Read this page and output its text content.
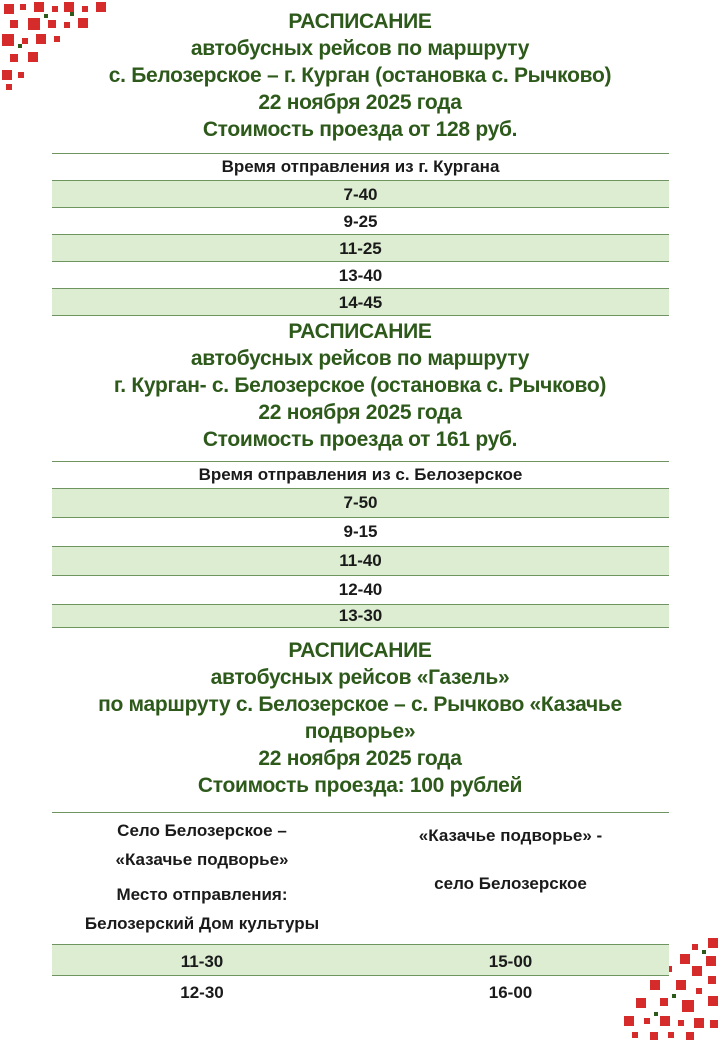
РАСПИСАНИЕ
автобусных рейсов по маршруту
с. Белозерское – г. Курган (остановка с. Рычково)
22 ноября 2025 года
Стоимость проезда от 128 руб.
Время отправления из г. Кургана
7-40
9-25
11-25
13-40
14-45
РАСПИСАНИЕ
автобусных рейсов по маршруту
г. Курган- с. Белозерское (остановка с. Рычково)
22 ноября 2025 года
Стоимость проезда от 161 руб.
Время отправления из с. Белозерское
7-50
9-15
11-40
12-40
13-30
РАСПИСАНИЕ
автобусных рейсов «Газель»
по маршруту с. Белозерское – с. Рычково «Казачье подворье»
22 ноября 2025 года
Стоимость проезда: 100 рублей
Село Белозерское –
«Казачье подворье»
Место отправления:
Белозерский Дом культуры
«Казачье подворье» -
село Белозерское
11-30	15-00
12-30	16-00
